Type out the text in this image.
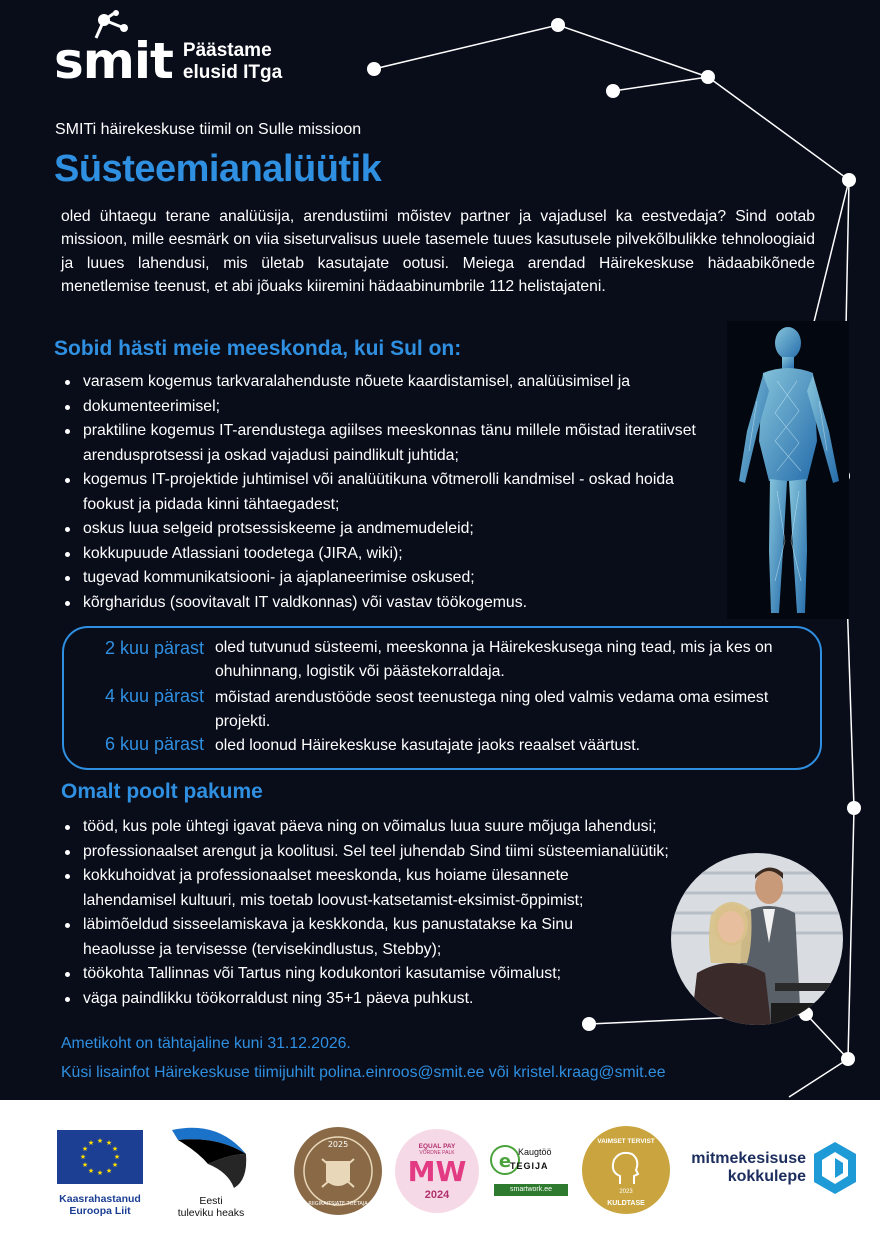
smit Päästame
elusid ITga
SMITi häirekeskuse tiimil on Sulle missioon
Süsteemianalüütik

oled ühtaegu terane analüüsija, arendustiimi mõistev partner ja vajadusel ka eestvedaja? Sind ootab missioon, mille eesmärk on viia siseturvalisus uuele tasemele tuues kasutusele pilvekõlbulikke tehnoloogiaid ja luues lahendusi, mis ületab kasutajate ootusi. Meiega arendad Häirekeskuse hädaabikõnede menetlemise teenust, et abi jõuaks kiiremini hädaabinumbrile 112 helistajateni.

Sobid hästi meie meeskonda, kui Sul on:
varasem kogemus tarkvaralahenduste nõuete kaardistamisel, analüüsimisel ja
dokumenteerimisel;
praktiline kogemus IT-arendustega agiilses meeskonnas tänu millele mõistad iteratiivset arendusprotsessi ja oskad vajadusi paindlikult juhtida;
kogemus IT-projektide juhtimisel või analüütikuna võtmerolli kandmisel - oskad hoida fookust ja pidada kinni tähtaegadest;
oskus luua selgeid protsessiskeeme ja andmemudeleid;
kokkupuude Atlassiani toodetega (JIRA, wiki);
tugevad kommunikatsiooni- ja ajaplaneerimise oskused;
kõrgharidus (soovitavalt IT valdkonnas) või vastav töökogemus.
2 kuu pärast oled tutvunud süsteemi, meeskonna ja Häirekeskusega ning tead, mis ja kes on ohuhinnang, logistik või päästekorraldaja.
4 kuu pärast mõistad arendustööde seost teenustega ning oled valmis vedama oma esimest projekti.
6 kuu pärast oled loonud Häirekeskuse kasutajate jaoks reaalset väärtust.
Omalt poolt pakume
tööd, kus pole ühtegi igavat päeva ning on võimalus luua suure mõjuga lahendusi;
professionaalset arengut ja koolitusi. Sel teel juhendab Sind tiimi süsteemianalüütik;
kokkuhoidvat ja professionaalset meeskonda, kus hoiame ülesannete lahendamisel kultuuri, mis toetab loovust-katsetamist-eksimist-õppimist;
läbimõeldud sisseelamiskava ja keskkonda, kus panustatakse ka Sinu heaolusse ja tervisesse (tervisekindlustus, Stebby);
töökohta Tallinnas või Tartus ning kodukontori kasutamise võimalust;
väga paindlikku töökorraldust ning 35+1 päeva puhkust.
Ametikoht on tähtajaline kuni 31.12.2026.
Küsi lisainfot Häirekeskuse tiimijuhilt polina.einroos@smit.ee või kristel.kraag@smit.ee
★ ★
★
★
★
★
★
★
★
★
★
★
Kaasrahastanud
Euroopa Liit
Eesti
tuleviku heaks
2025
RIIGIKAITSJATE TOETAJA
EQUAL PAY
VÕRDNE PALK
MW
2024
e Kaugtöö
TEGIJA
smartwork.ee
VAIMSET TERVIST
2023
KULDTASE
mitmekesisuse
kokkulepe
